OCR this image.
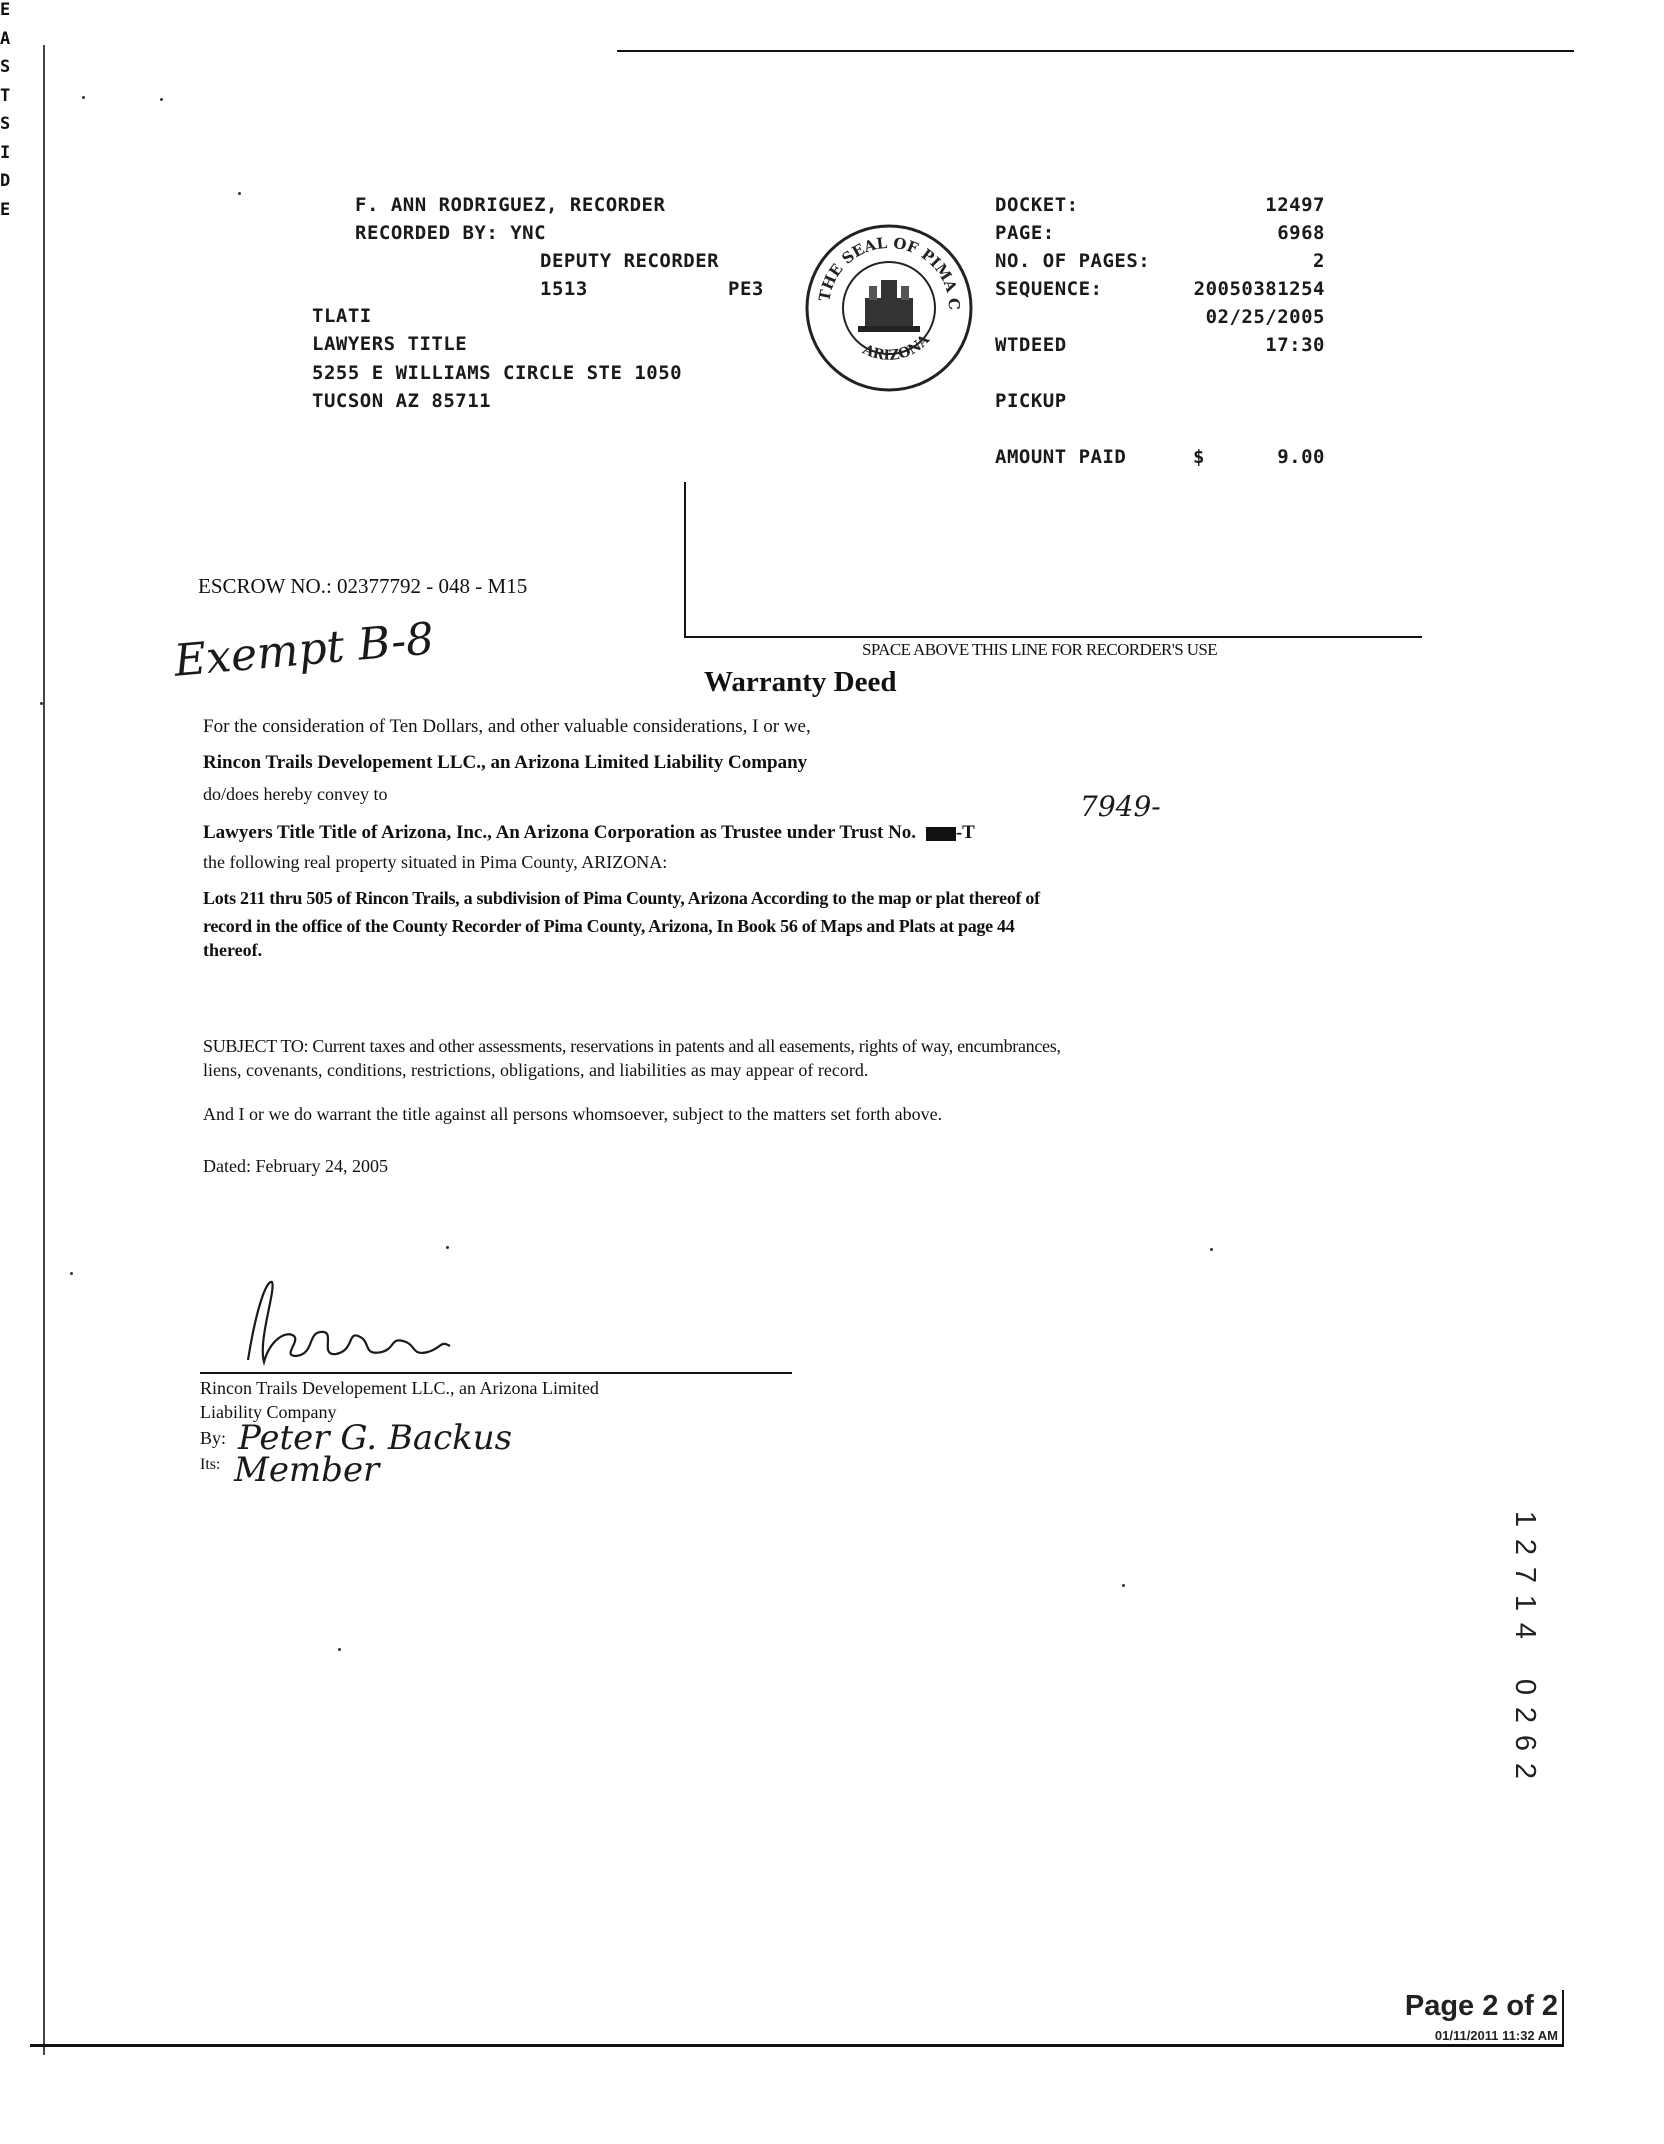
E
A
S
T
S
I
D
E	F. ANN RODRIGUEZ, RECORDER
RECORDED BY: YNC
DEPUTY RECORDER
1513	PE3
TLATI
LAWYERS TITLE
5255 E WILLIAMS CIRCLE STE 1050
TUCSON AZ 85711
THE SEAL OF PIMA C
ARIZONA
DOCKET:	12497
PAGE:	6968
NO. OF PAGES:	2
SEQUENCE:	20050381254
02/25/2005
WTDEED	17:30
PICKUP
AMOUNT PAID	$	9.00
ESCROW NO.: 02377792 - 048 - M15
SPACE ABOVE THIS LINE FOR RECORDER'S USE
Exempt B-8	Warranty Deed
For the consideration of Ten Dollars, and other valuable considerations, I or we,
Rincon Trails Developement LLC., an Arizona Limited Liability Company
do/does hereby convey to	7949-
Lawyers Title Title of Arizona, Inc., An Arizona Corporation as Trustee under Trust No. -T
the following real property situated in Pima County, ARIZONA:
Lots 211 thru 505 of Rincon Trails, a subdivision of Pima County, Arizona According to the map or plat thereof of
record in the office of the County Recorder of Pima County, Arizona, In Book 56 of Maps and Plats at page 44
thereof.
SUBJECT TO: Current taxes and other assessments, reservations in patents and all easements, rights of way, encumbrances,
liens, covenants, conditions, restrictions, obligations, and liabilities as may appear of record.
And I or we do warrant the title against all persons whomsoever, subject to the matters set forth above.
Dated: February 24, 2005
Rincon Trails Developement LLC., an Arizona Limited
Liability Company
By: Peter G. Backus
Its: Member
1
2
7
1
4
0
2
6
2
Page 2 of 2
01/11/2011 11:32 AM
